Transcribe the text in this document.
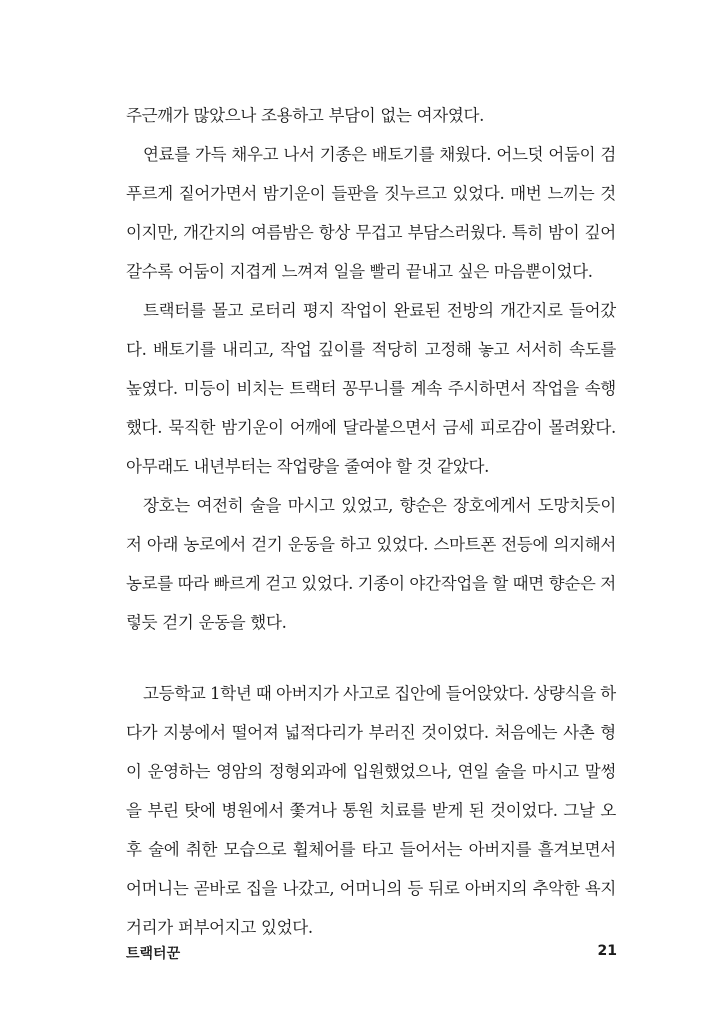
주근깨가 많았으나 조용하고 부담이 없는 여자였다.
연료를 가득 채우고 나서 기종은 배토기를 채웠다. 어느덧 어둠이 검
푸르게 짙어가면서 밤기운이 들판을 짓누르고 있었다. 매번 느끼는 것
이지만, 개간지의 여름밤은 항상 무겁고 부담스러웠다. 특히 밤이 깊어
갈수록 어둠이 지겹게 느껴져 일을 빨리 끝내고 싶은 마음뿐이었다.
트랙터를 몰고 로터리 평지 작업이 완료된 전방의 개간지로 들어갔
다. 배토기를 내리고, 작업 깊이를 적당히 고정해 놓고 서서히 속도를
높였다. 미등이 비치는 트랙터 꽁무니를 계속 주시하면서 작업을 속행
했다. 묵직한 밤기운이 어깨에 달라붙으면서 금세 피로감이 몰려왔다.
아무래도 내년부터는 작업량을 줄여야 할 것 같았다.
장호는 여전히 술을 마시고 있었고, 향순은 장호에게서 도망치듯이
저 아래 농로에서 걷기 운동을 하고 있었다. 스마트폰 전등에 의지해서
농로를 따라 빠르게 걷고 있었다. 기종이 야간작업을 할 때면 향순은 저
렇듯 걷기 운동을 했다.
고등학교 1학년 때 아버지가 사고로 집안에 들어앉았다. 상량식을 하
다가 지붕에서 떨어져 넓적다리가 부러진 것이었다. 처음에는 사촌 형
이 운영하는 영암의 정형외과에 입원했었으나, 연일 술을 마시고 말썽
을 부린 탓에 병원에서 쫓겨나 통원 치료를 받게 된 것이었다. 그날 오
후 술에 취한 모습으로 휠체어를 타고 들어서는 아버지를 흘겨보면서
어머니는 곧바로 집을 나갔고, 어머니의 등 뒤로 아버지의 추악한 욕지
거리가 퍼부어지고 있었다.
트랙터꾼	21
